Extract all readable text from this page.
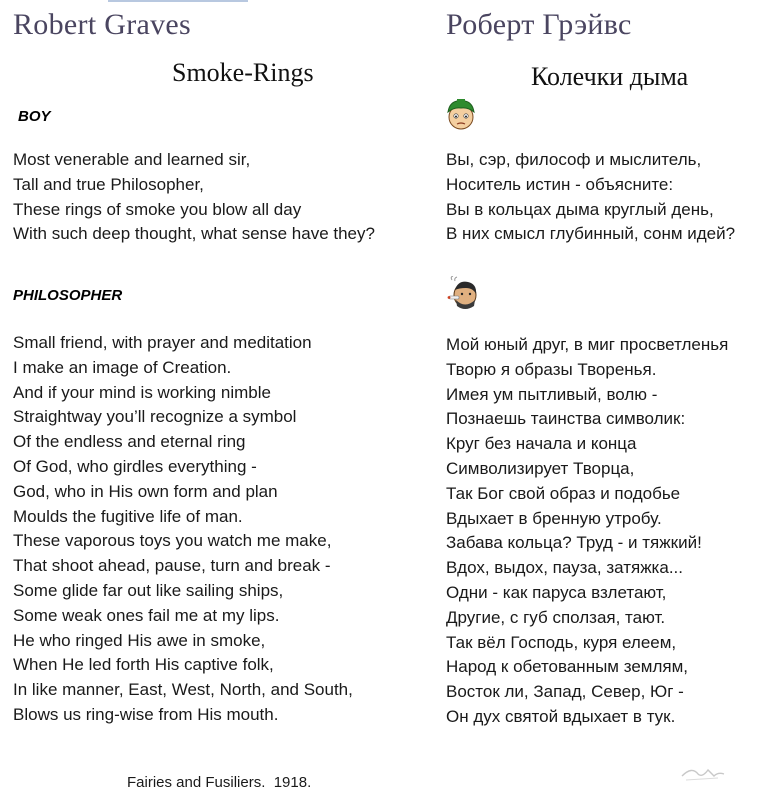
Robert Graves	Роберт Грэйвс
Smoke-Rings	Колечки дыма
BOY
PHILOSOPHER
Most venerable and learned sir,
Tall and true Philosopher,
These rings of smoke you blow all day
With such deep thought, what sense have they?
Вы, сэр, философ и мыслитель,
Носитель истин - объясните:
Вы в кольцах дыма круглый день,
В них смысл глубинный, сонм идей?
Small friend, with prayer and meditation
I make an image of Creation.
And if your mind is working nimble
Straightway you’ll recognize a symbol
Of the endless and eternal ring
Of God, who girdles everything -
God, who in His own form and plan
Moulds the fugitive life of man.
These vaporous toys you watch me make,
That shoot ahead, pause, turn and break -
Some glide far out like sailing ships,
Some weak ones fail me at my lips.
He who ringed His awe in smoke,
When He led forth His captive folk,
In like manner, East, West, North, and South,
Blows us ring-wise from His mouth.
Мой юный друг, в миг просветленья
Творю я образы Творенья.
Имея ум пытливый, волю -
Познаешь таинства символик:
Круг без начала и конца
Символизирует Творца,
Так Бог свой образ и подобье
Вдыхает в бренную утробу.
Забава кольца? Труд - и тяжкий!
Вдох, выдох, пауза, затяжка...
Одни - как паруса взлетают,
Другие, с губ сползая, тают.
Так вёл Господь, куря елеем,
Народ к обетованным землям,
Восток ли, Запад, Север, Юг -
Он дух святой вдыхает в тук.
Fairies and Fusiliers.  1918.
